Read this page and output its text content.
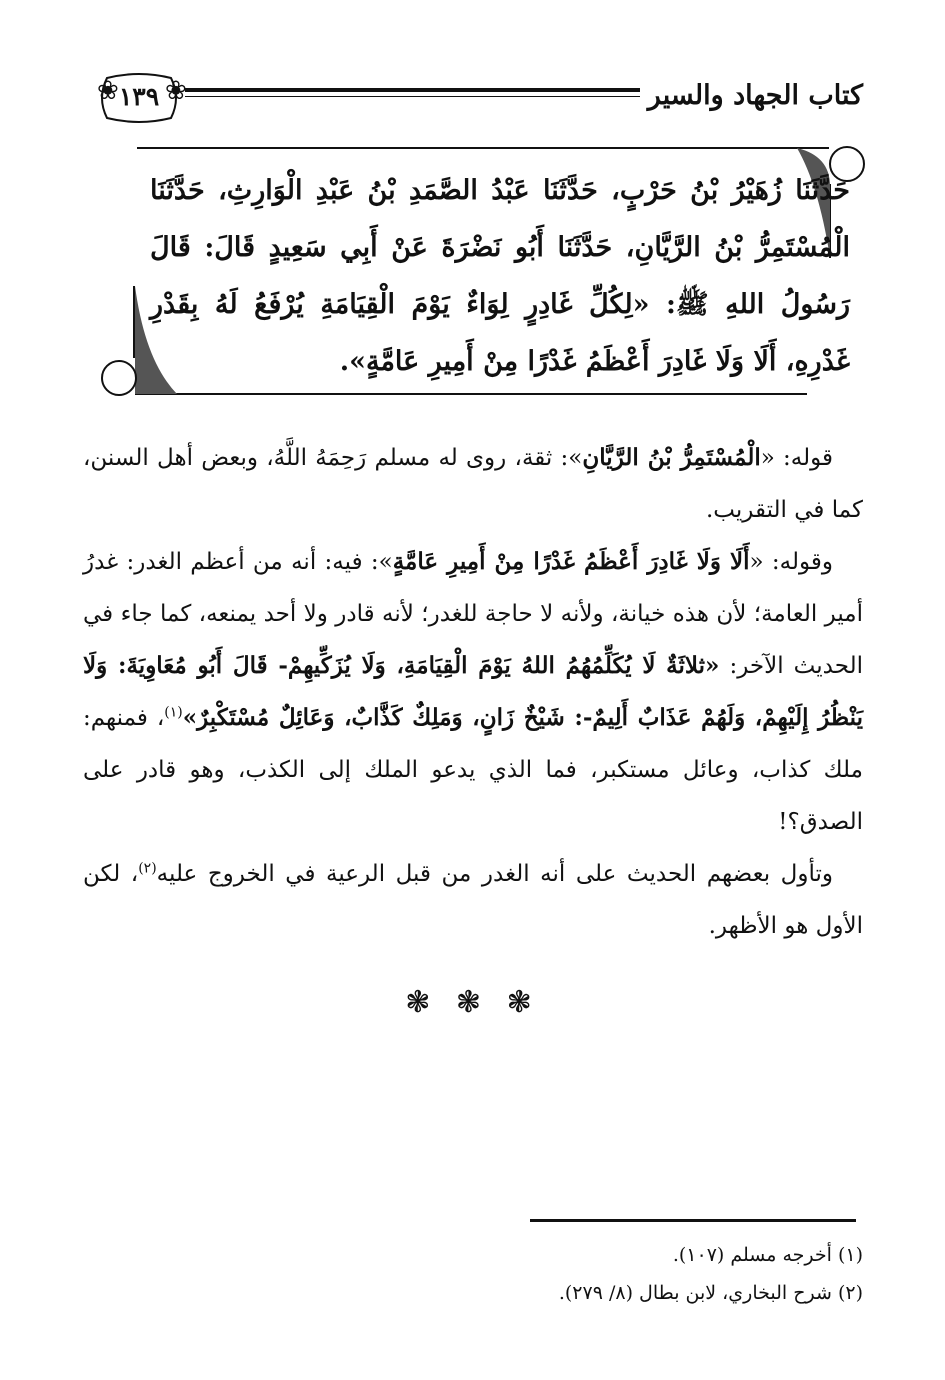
كتاب الجهاد والسير
١٣٩
❀ ❀
حَدَّثَنَا زُهَيْرُ بْنُ حَرْبٍ، حَدَّثَنَا عَبْدُ الصَّمَدِ بْنُ عَبْدِ الْوَارِثِ، حَدَّثَنَا الْمُسْتَمِرُّ بْنُ الرَّيَّانِ، حَدَّثَنَا أَبُو نَضْرَةَ عَنْ أَبِي سَعِيدٍ قَالَ: قَالَ رَسُولُ اللهِ ﷺ: «لِكُلِّ غَادِرٍ لِوَاءٌ يَوْمَ الْقِيَامَةِ يُرْفَعُ لَهُ بِقَدْرِ غَدْرِهِ، أَلَا وَلَا غَادِرَ أَعْظَمُ غَدْرًا مِنْ أَمِيرِ عَامَّةٍ».

قوله: «الْمُسْتَمِرُّ بْنُ الرَّيَّانِ»: ثقة، روى له مسلم رَحِمَهُ اللَّهُ، وبعض أهل السنن، كما في التقريب.

وقوله: «أَلَا وَلَا غَادِرَ أَعْظَمُ غَدْرًا مِنْ أَمِيرِ عَامَّةٍ»: فيه: أنه من أعظم الغدر: غدرُ أمير العامة؛ لأن هذه خيانة، ولأنه لا حاجة للغدر؛ لأنه قادر ولا أحد يمنعه، كما جاء في الحديث الآخر: «ثلاثَةٌ لَا يُكَلِّمُهُمُ اللهُ يَوْمَ الْقِيَامَةِ، وَلَا يُزَكِّيهِمْ- قَالَ أَبُو مُعَاوِيَةَ: وَلَا يَنْظُرُ إِلَيْهِمْ، وَلَهُمْ عَذَابٌ أَلِيمٌ-: شَيْخٌ زَانٍ، وَمَلِكٌ كَذَّابٌ، وَعَائِلٌ مُسْتَكْبِرٌ»$^{(١)}$، فمنهم: ملك كذاب، وعائل مستكبر، فما الذي يدعو الملك إلى الكذب، وهو قادر على الصدق؟!

وتأول بعضهم الحديث على أنه الغدر من قبل الرعية في الخروج عليه$^{(٢)}$، لكن الأول هو الأظهر.

❃ ❃ ❃
(١) أخرجه مسلم (١٠٧).
(٢) شرح البخاري، لابن بطال (٨/ ٢٧٩).
